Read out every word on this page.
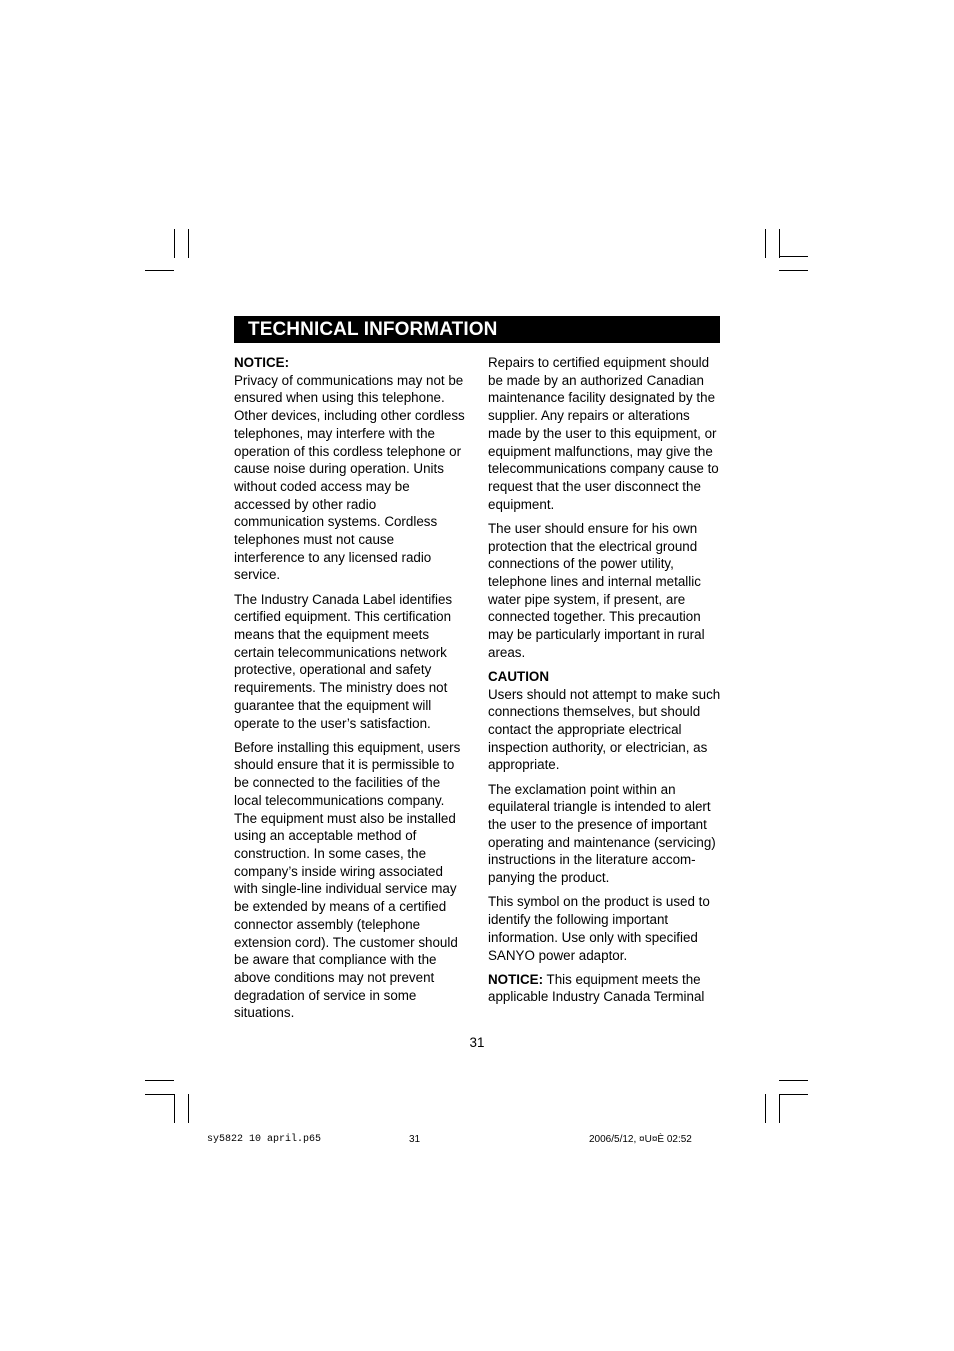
TECHNICAL INFORMATION

NOTICE:
Privacy of communications may not be ensured when using this telephone. Other devices, including other cordless telephones, may interfere with the operation of this cordless telephone or cause noise during operation. Units without coded access may be accessed by other radio communication systems. Cordless telephones must not cause interference to any licensed radio service.

The Industry Canada Label identifies certified equipment. This certification means that the equipment meets certain telecommunications network protective, operational and safety requirements. The ministry does not guarantee that the equipment will operate to the user’s satisfaction.

Before installing this equipment, users should ensure that it is permissible to be connected to the facilities of the local telecommunications company. The equipment must also be installed using an acceptable method of construction. In some cases, the company’s inside wiring associated with single-line individual service may be extended by means of a certified connector assembly (telephone extension cord). The customer should be aware that compliance with the above conditions may not prevent degradation of service in some situations.

Repairs to certified equipment should be made by an authorized Canadian maintenance facility designated by the supplier. Any repairs or alterations made by the user to this equipment, or equipment malfunctions, may give the telecommunications company cause to request that the user disconnect the equipment.

The user should ensure for his own protection that the electrical ground connections of the power utility, telephone lines and internal metallic water pipe system, if present, are connected together. This precaution may be particularly important in rural areas.

CAUTION
Users should not attempt to make such connections themselves, but should contact the appropriate electrical inspection authority, or electrician, as appropriate.

The exclamation point within an equilateral triangle is intended to alert the user to the presence of important operating and maintenance (servicing) instructions in the literature accom-panying the product.

This symbol on the product is used to identify the following important information. Use only with specified SANYO power adaptor.

NOTICE: This equipment meets the applicable Industry Canada Terminal

31
sy5822 10 april.p65	31	2006/5/12, ¤U¤È 02:52
